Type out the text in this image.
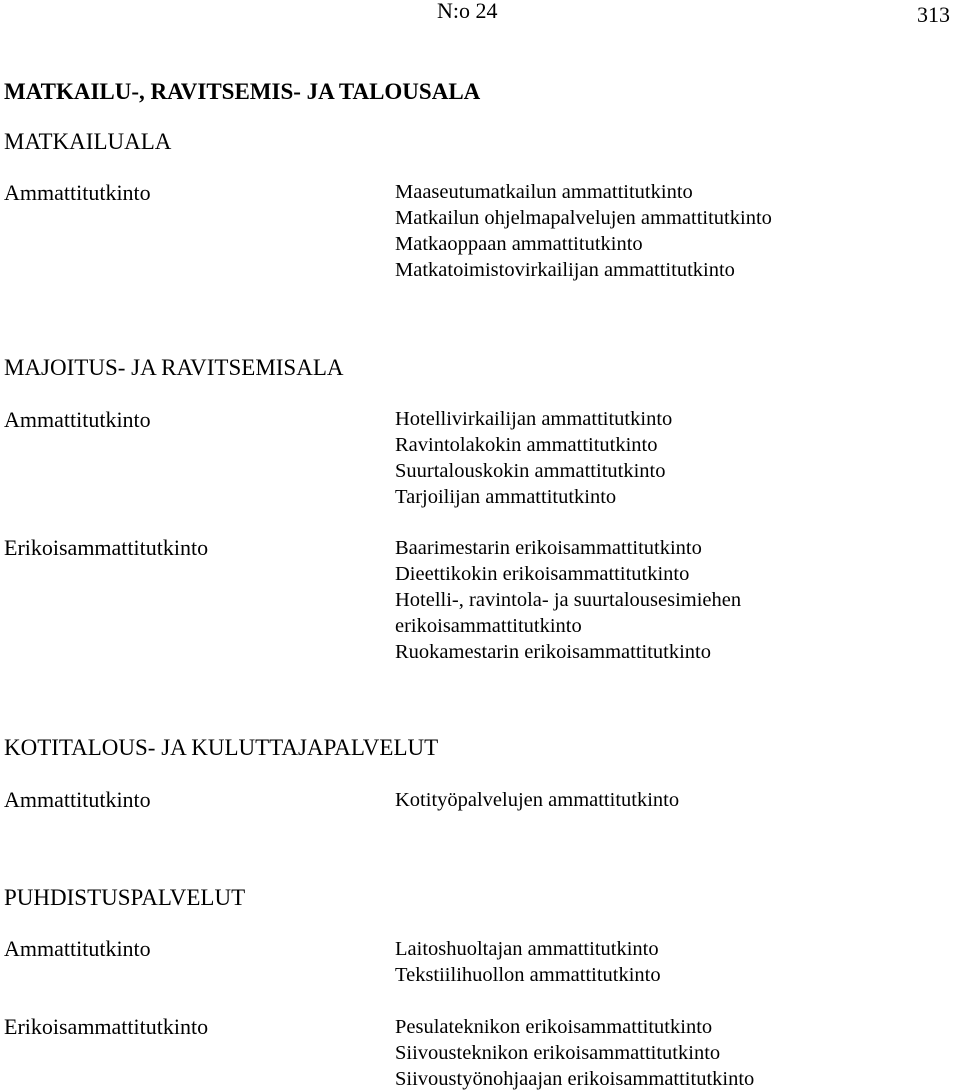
N:o 24	313
MATKAILU-, RAVITSEMIS- JA TALOUSALA
MATKAILUALA
Ammattitutkinto	Maaseutumatkailun ammattitutkinto
Matkailun ohjelmapalvelujen ammattitutkinto
Matkaoppaan ammattitutkinto
Matkatoimistovirkailijan ammattitutkinto
MAJOITUS- JA RAVITSEMISALA
Ammattitutkinto	Hotellivirkailijan ammattitutkinto
Ravintolakokin ammattitutkinto
Suurtalouskokin ammattitutkinto
Tarjoilijan ammattitutkinto
Erikoisammattitutkinto	Baarimestarin erikoisammattitutkinto
Dieettikokin erikoisammattitutkinto
Hotelli-, ravintola- ja suurtalousesimiehen
erikoisammattitutkinto
Ruokamestarin erikoisammattitutkinto
KOTITALOUS- JA KULUTTAJAPALVELUT
Ammattitutkinto	Kotityöpalvelujen ammattitutkinto
PUHDISTUSPALVELUT
Ammattitutkinto	Laitoshuoltajan ammattitutkinto
Tekstiilihuollon ammattitutkinto
Erikoisammattitutkinto	Pesulateknikon erikoisammattitutkinto
Siivousteknikon erikoisammattitutkinto
Siivoustyönohjaajan erikoisammattitutkinto
